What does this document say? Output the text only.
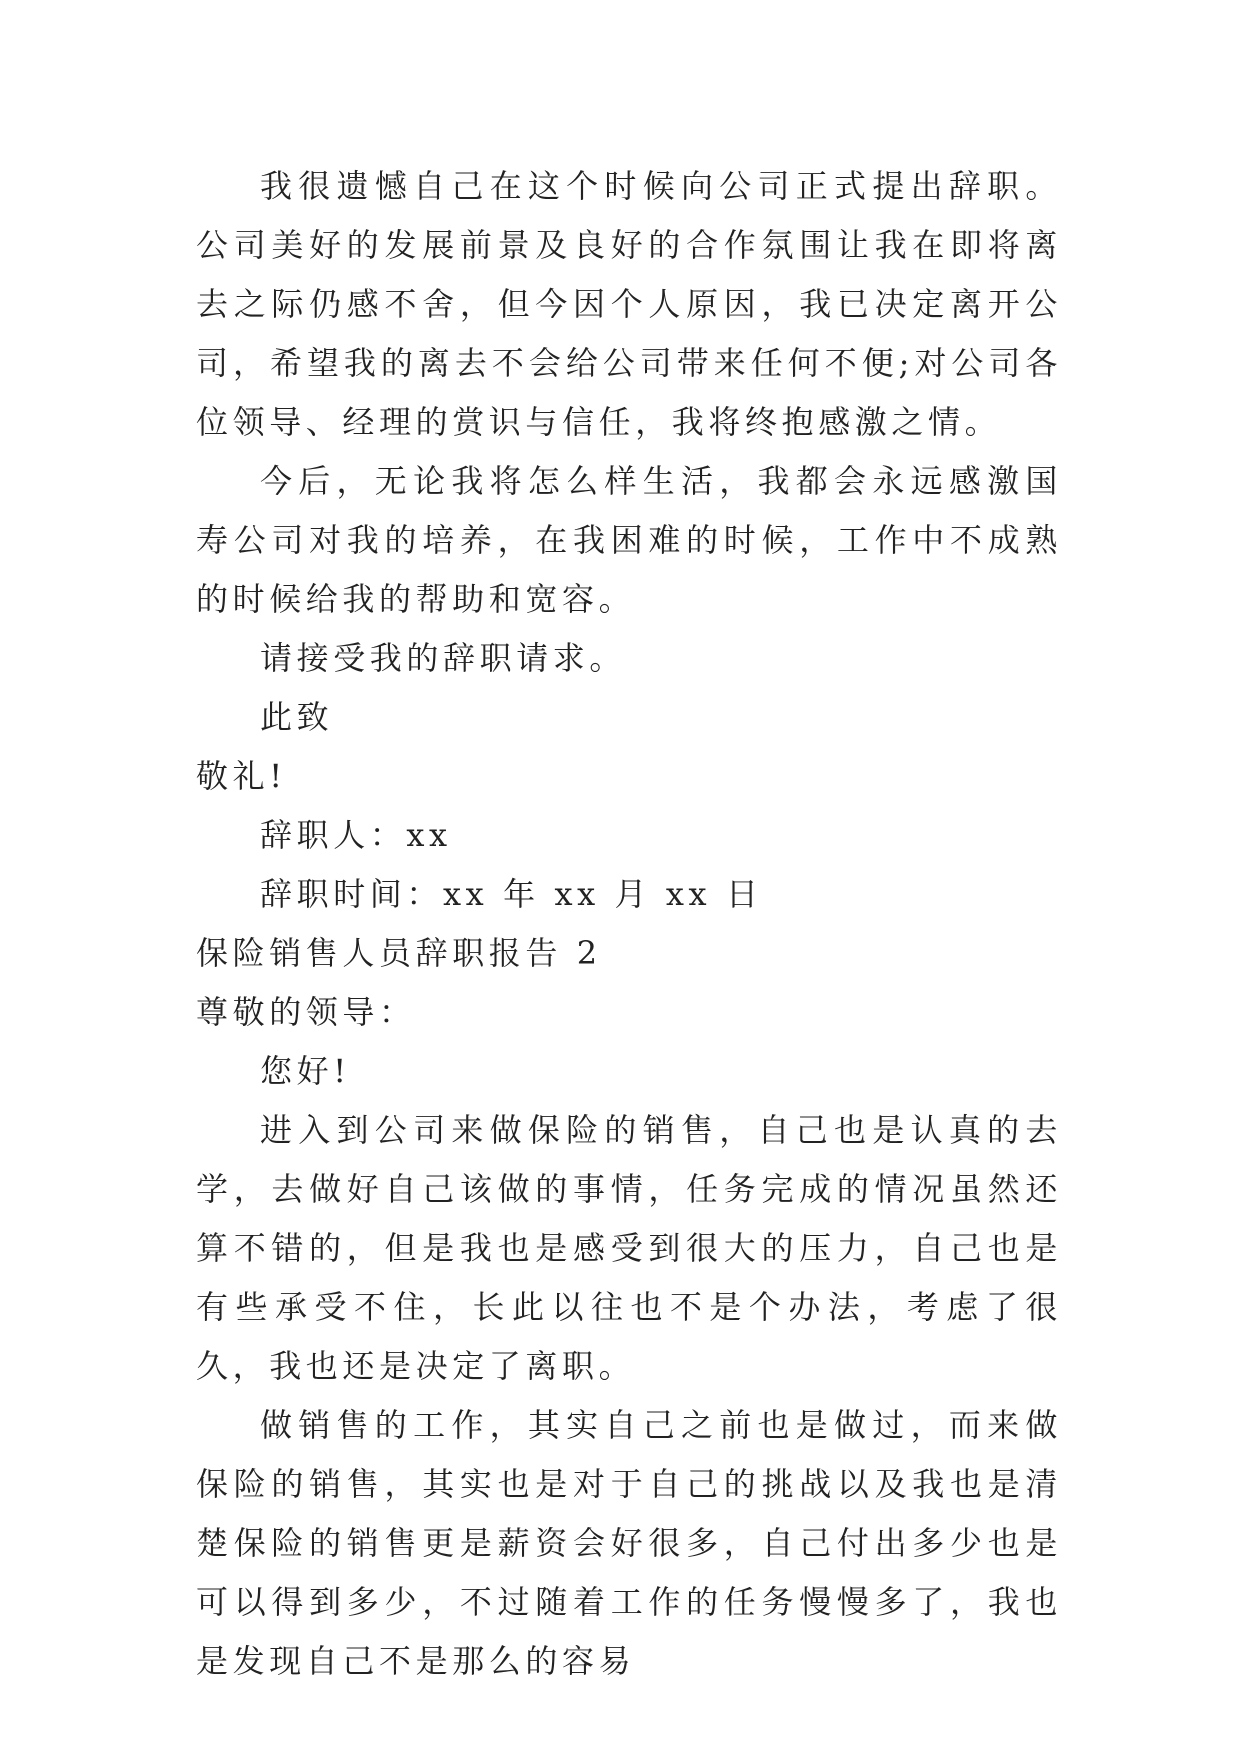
我很遗憾自己在这个时候向公司正式提出辞职。公司美好的发展前景及良好的合作氛围让我在即将离去之际仍感不舍，但今因个人原因，我已决定离开公司，希望我的离去不会给公司带来任何不便;对公司各位领导、经理的赏识与信任，我将终抱感激之情。

今后，无论我将怎么样生活，我都会永远感激国寿公司对我的培养，在我困难的时候，工作中不成熟的时候给我的帮助和宽容。

请接受我的辞职请求。

此致

敬礼!

辞职人：xx

辞职时间：xx 年 xx 月 xx 日

保险销售人员辞职报告 2

尊敬的领导：

您好!

进入到公司来做保险的销售，自己也是认真的去学，去做好自己该做的事情，任务完成的情况虽然还算不错的，但是我也是感受到很大的压力，自己也是有些承受不住，长此以往也不是个办法，考虑了很久，我也还是决定了离职。

做销售的工作，其实自己之前也是做过，而来做保险的销售，其实也是对于自己的挑战以及我也是清楚保险的销售更是薪资会好很多，自己付出多少也是可以得到多少，不过随着工作的任务慢慢多了，我也是发现自己不是那么的容易
